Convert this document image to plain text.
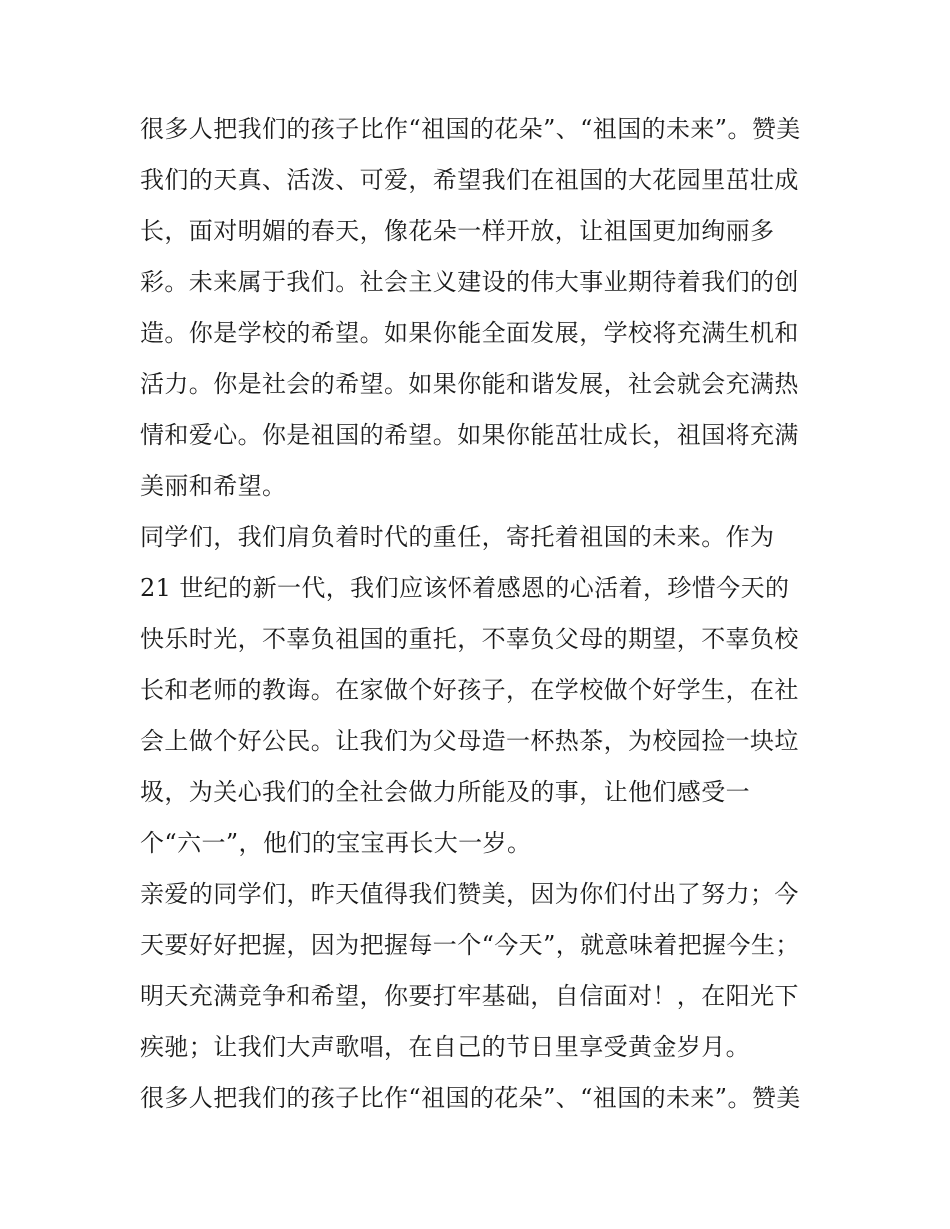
很多人把我们的孩子比作“祖国的花朵”、“祖国的未来”。赞美
我们的天真、活泼、可爱，希望我们在祖国的大花园里茁壮成
长，面对明媚的春天，像花朵一样开放，让祖国更加绚丽多
彩。未来属于我们。社会主义建设的伟大事业期待着我们的创
造。你是学校的希望。如果你能全面发展，学校将充满生机和
活力。你是社会的希望。如果你能和谐发展，社会就会充满热
情和爱心。你是祖国的希望。如果你能茁壮成长，祖国将充满
美丽和希望。
同学们，我们肩负着时代的重任，寄托着祖国的未来。作为
21 世纪的新一代，我们应该怀着感恩的心活着，珍惜今天的
快乐时光，不辜负祖国的重托，不辜负父母的期望，不辜负校
长和老师的教诲。在家做个好孩子，在学校做个好学生，在社
会上做个好公民。让我们为父母造一杯热茶，为校园捡一块垃
圾，为关心我们的全社会做力所能及的事，让他们感受一
个“六一”，他们的宝宝再长大一岁。
亲爱的同学们，昨天值得我们赞美，因为你们付出了努力；今
天要好好把握，因为把握每一个“今天”，就意味着把握今生；
明天充满竞争和希望，你要打牢基础，自信面对！，在阳光下
疾驰；让我们大声歌唱，在自己的节日里享受黄金岁月。
很多人把我们的孩子比作“祖国的花朵”、“祖国的未来”。赞美
